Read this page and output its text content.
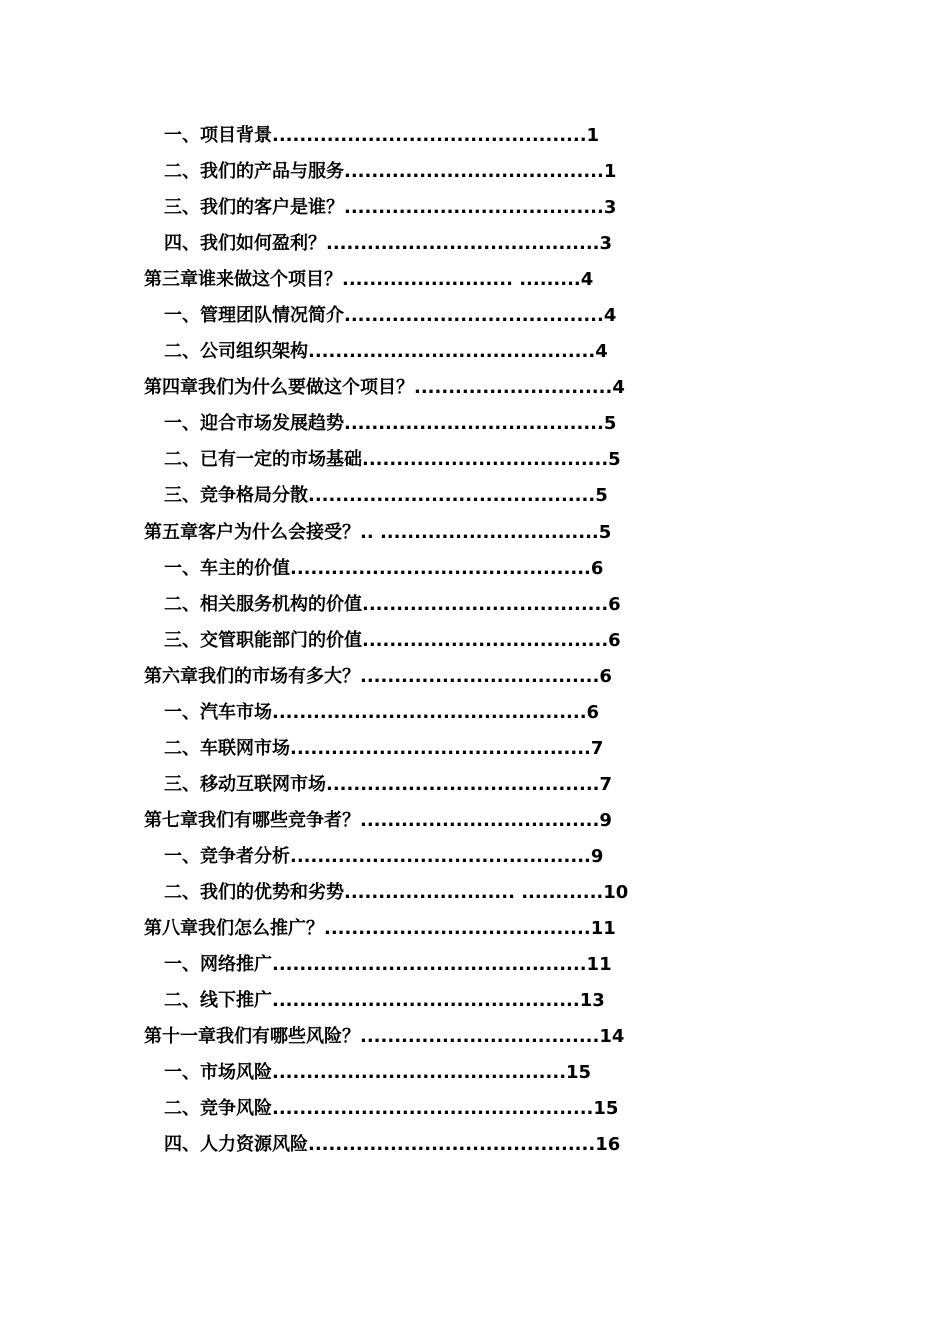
一、项目背景..............................................1
二、我们的产品与服务......................................1
三、我们的客户是谁？......................................3
四、我们如何盈利？........................................3
第三章谁来做这个项目？......................... .........4
一、管理团队情况简介......................................4
二、公司组织架构..........................................4
第四章我们为什么要做这个项目？.............................4
一、迎合市场发展趋势......................................5
二、已有一定的市场基础....................................5
三、竞争格局分散..........................................5
第五章客户为什么会接受？.. ................................5
一、车主的价值............................................6
二、相关服务机构的价值....................................6
三、交管职能部门的价值....................................6
第六章我们的市场有多大？...................................6
一、汽车市场..............................................6
二、车联网市场............................................7
三、移动互联网市场........................................7
第七章我们有哪些竞争者？...................................9
一、竞争者分析............................................9
二、我们的优势和劣势......................... ............10
第八章我们怎么推广？.......................................11
一、网络推广..............................................11
二、线下推广.............................................13
第十一章我们有哪些风险？...................................14
一、市场风险...........................................15
二、竞争风险...............................................15
四、人力资源风险..........................................16
